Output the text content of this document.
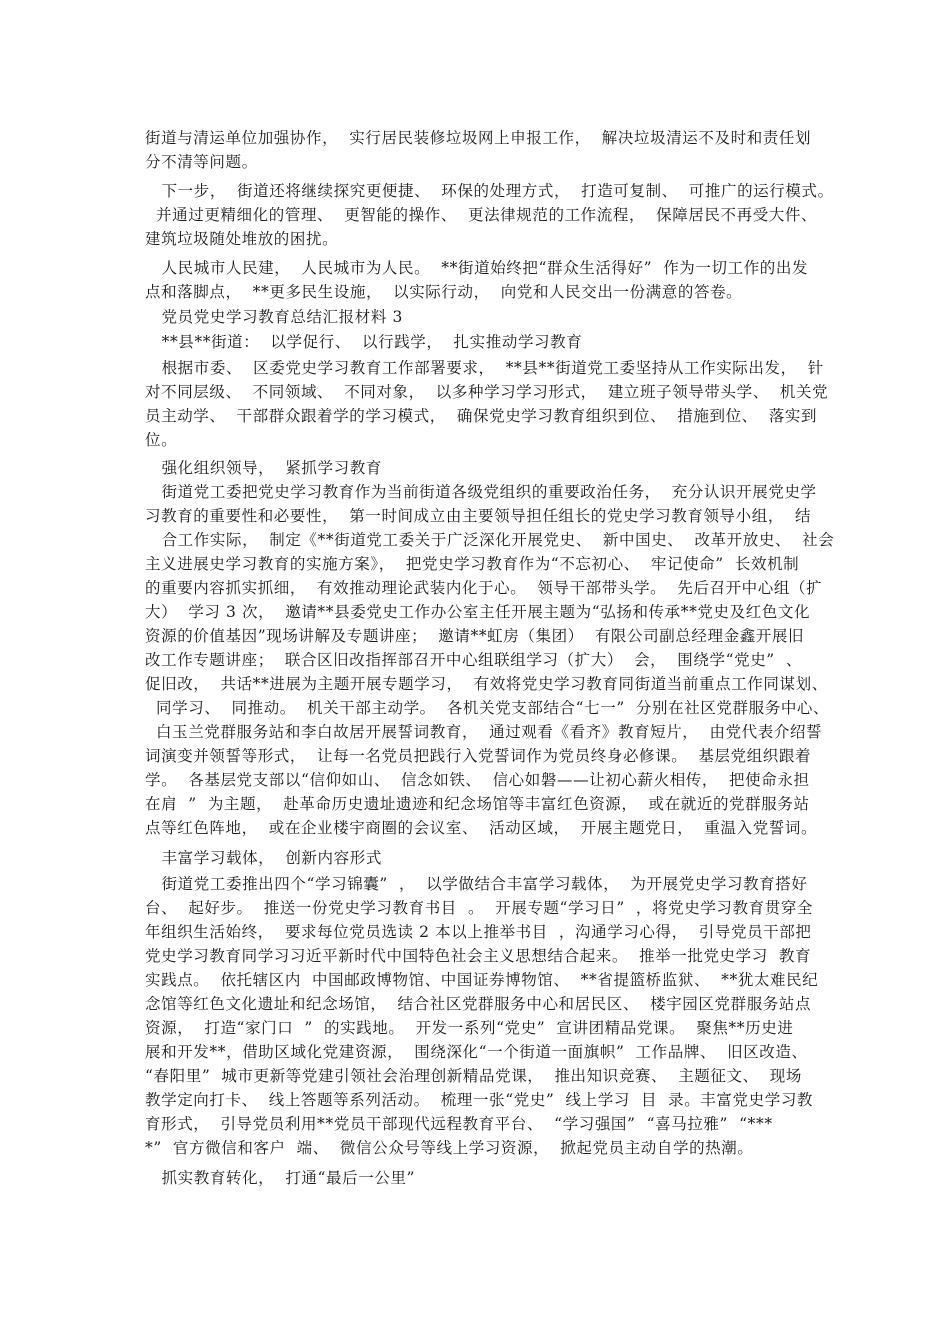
街道与清运单位加强协作，  实行居民装修垃圾网上申报工作，  解决垃圾清运不及时和责任划
分不清等问题。
下一步，  街道还将继续探究更便捷、  环保的处理方式，  打造可复制、  可推广的运行模式。
并通过更精细化的管理、  更智能的操作、  更法律规范的工作流程，  保障居民不再受大件、
建筑垃圾随处堆放的困扰。
人民城市人民建，  人民城市为人民。  **街道始终把“群众生活得好”  作为一切工作的出发
点和落脚点，  **更多民生设施，  以实际行动，  向党和人民交出一份满意的答卷。
党员党史学习教育总结汇报材料 3
**县**街道：  以学促行、  以行践学，  扎实推动学习教育
根据市委、  区委党史学习教育工作部署要求，  **县**街道党工委坚持从工作实际出发，  针
对不同层级、  不同领域、  不同对象，  以多种学习学习形式，  建立班子领导带头学、  机关党
员主动学、  干部群众跟着学的学习模式，  确保党史学习教育组织到位、  措施到位、  落实到
位。
强化组织领导，  紧抓学习教育
街道党工委把党史学习教育作为当前街道各级党组织的重要政治任务，  充分认识开展党史学
习教育的重要性和必要性，  第一时间成立由主要领导担任组长的党史学习教育领导小组，  结
合工作实际，  制定《**街道党工委关于广泛深化开展党史、  新中国史、  改革开放史、  社会
主义进展史学习教育的实施方案》，  把党史学习教育作为“不忘初心、  牢记使命”  长效机制
的重要内容抓实抓细，  有效推动理论武装内化于心。  领导干部带头学。  先后召开中心组（扩
大）  学习 3 次，  邀请**县委党史工作办公室主任开展主题为“弘扬和传承**党史及红色文化
资源的价值基因”现场讲解及专题讲座；  邀请**虹房（集团）  有限公司副总经理金鑫开展旧
改工作专题讲座；  联合区旧改指挥部召开中心组联组学习（扩大）  会，  围绕学“党史”  、
促旧改，  共话**进展为主题开展专题学习，  有效将党史学习教育同街道当前重点工作同谋划、
同学习、  同推动。  机关干部主动学。  各机关党支部结合“七一”  分别在社区党群服务中心、
白玉兰党群服务站和李白故居开展誓词教育，  通过观看《看齐》教育短片，  由党代表介绍誓
词演变并领誓等形式，  让每一名党员把践行入党誓词作为党员终身必修课。  基层党组织跟着
学。  各基层党支部以“信仰如山、  信念如铁、  信心如磐——让初心薪火相传，  把使命永担
在肩  ”  为主题，  赴革命历史遗址遗迹和纪念场馆等丰富红色资源，  或在就近的党群服务站
点等红色阵地，  或在企业楼宇商圈的会议室、  活动区域，  开展主题党日，  重温入党誓词。
丰富学习载体，  创新内容形式
街道党工委推出四个“学习锦囊”  ，  以学做结合丰富学习载体，  为开展党史学习教育搭好
台、  起好步。  推送一份党史学习教育书目  。  开展专题“学习日”  ，将党史学习教育贯穿全
年组织生活始终，  要求每位党员选读 2 本以上推举书目  ，沟通学习心得，  引导党员干部把
党史学习教育同学习习近平新时代中国特色社会主义思想结合起来。  推举一批党史学习  教育
实践点。  依托辖区内  中国邮政博物馆、中国证券博物馆、  **省提篮桥监狱、  **犹太难民纪
念馆等红色文化遗址和纪念场馆，  结合社区党群服务中心和居民区、  楼宇园区党群服务站点
资源，  打造“家门口  ”  的实践地。  开发一系列“党史”  宣讲团精品党课。  聚焦**历史进
展和开发**，借助区域化党建资源，  围绕深化“一个街道一面旗帜”  工作品牌、  旧区改造、
“春阳里”  城市更新等党建引领社会治理创新精品党课，  推出知识竞赛、  主题征文、  现场
教学定向打卡、  线上答题等系列活动。  梳理一张“党史”  线上学习  目  录。丰富党史学习教
育形式，  引导党员利用**党员干部现代远程教育平台、  “学习强国”  “喜马拉雅”  “***
*”  官方微信和客户  端、  微信公众号等线上学习资源，  掀起党员主动自学的热潮。
抓实教育转化，  打通“最后一公里”
